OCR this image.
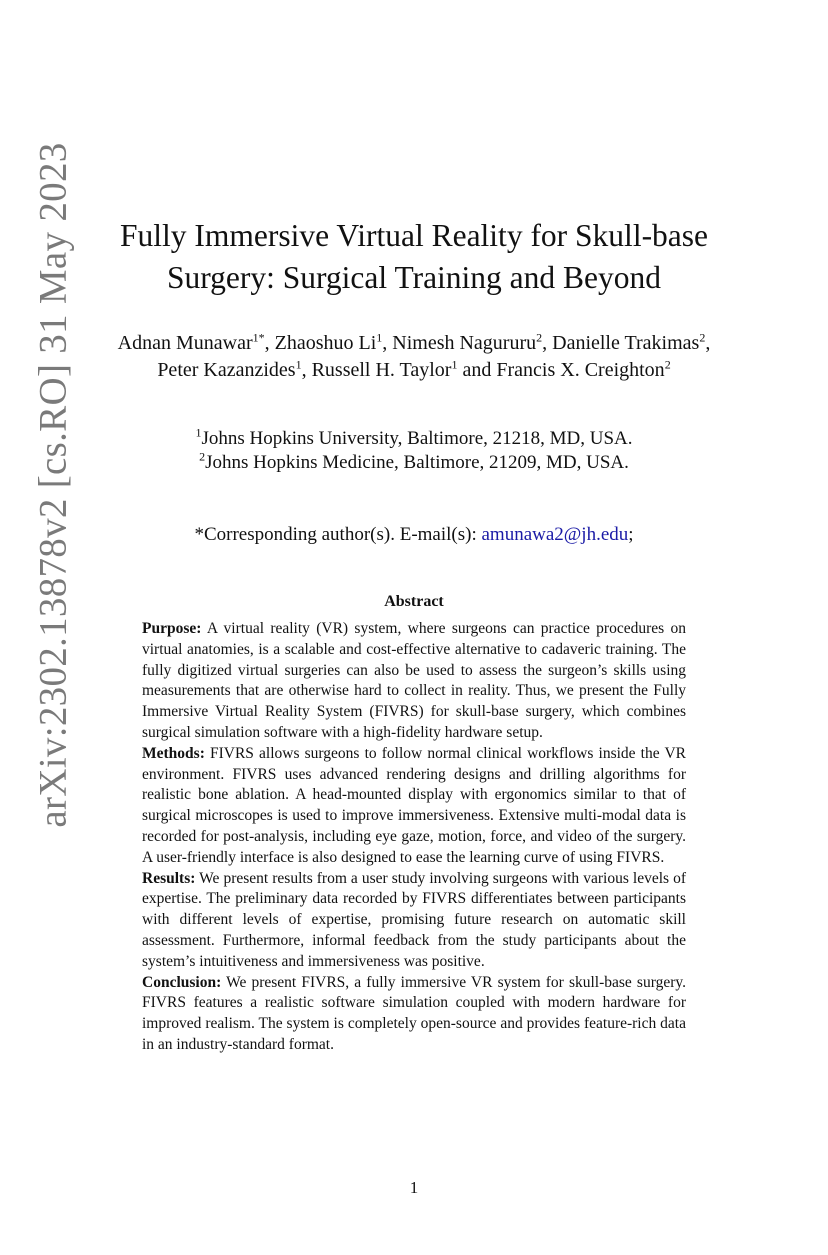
arXiv:2302.13878v2 [cs.RO] 31 May 2023	Fully Immersive Virtual Reality for Skull-base Surgery: Surgical Training and Beyond
Adnan Munawar$^{1*}$, Zhaoshuo Li$^1$, Nimesh Nagururu$^2$, Danielle Trakimas$^2$, Peter Kazanzides$^1$, Russell H. Taylor$^1$ and Francis X. Creighton$^2$
$^1$Johns Hopkins University, Baltimore, 21218, MD, USA.
$^2$Johns Hopkins Medicine, Baltimore, 21209, MD, USA.
*Corresponding author(s). E-mail(s): amunawa2@jh.edu;
Abstract

Purpose: A virtual reality (VR) system, where surgeons can practice procedures on virtual anatomies, is a scalable and cost-effective alternative to cadaveric training. The fully digitized virtual surgeries can also be used to assess the surgeon’s skills using measurements that are otherwise hard to collect in reality. Thus, we present the Fully Immersive Virtual Reality System (FIVRS) for skull-base surgery, which combines surgical simulation software with a high-fidelity hardware setup.

Methods: FIVRS allows surgeons to follow normal clinical workflows inside the VR environment. FIVRS uses advanced rendering designs and drilling algorithms for realistic bone ablation. A head-mounted display with ergonomics similar to that of surgical microscopes is used to improve immersiveness. Extensive multi-modal data is recorded for post-analysis, including eye gaze, motion, force, and video of the surgery. A user-friendly interface is also designed to ease the learning curve of using FIVRS.

Results: We present results from a user study involving surgeons with various levels of expertise. The preliminary data recorded by FIVRS differentiates between participants with different levels of expertise, promising future research on automatic skill assessment. Furthermore, informal feedback from the study participants about the system’s intuitiveness and immersiveness was positive.

Conclusion: We present FIVRS, a fully immersive VR system for skull-base surgery. FIVRS features a realistic software simulation coupled with modern hardware for improved realism. The system is completely open-source and provides feature-rich data in an industry-standard format.

1
